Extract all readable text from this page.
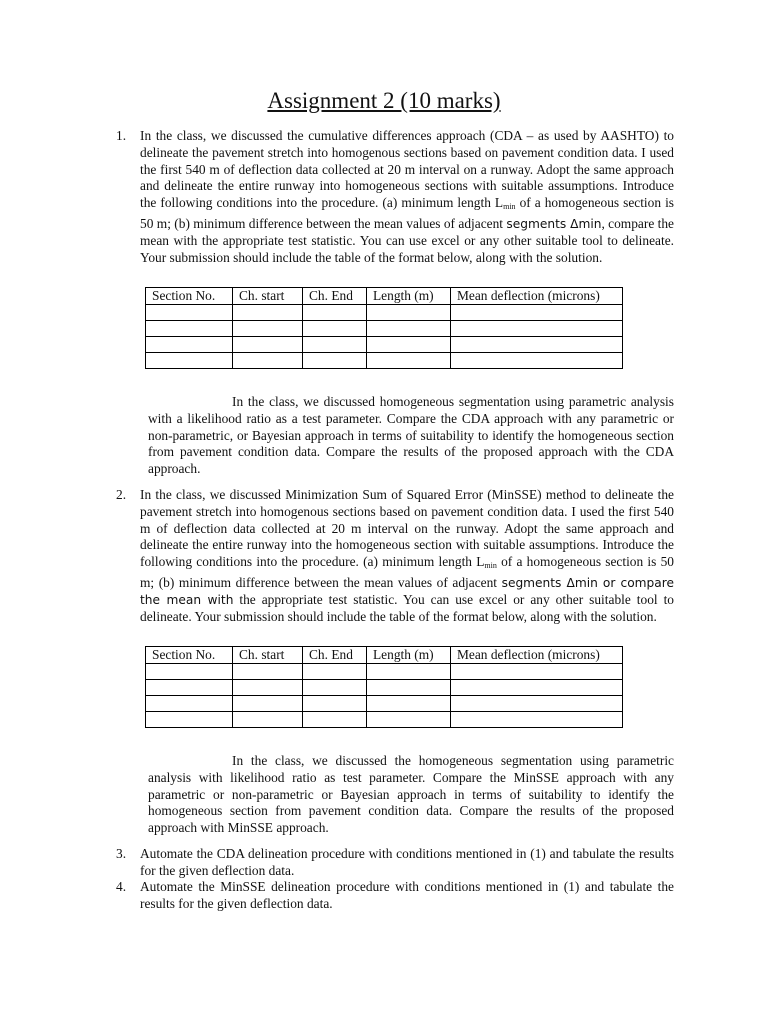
Assignment 2 (10 marks)
1.	In the class, we discussed the cumulative differences approach (CDA – as used by AASHTO) to delineate the pavement stretch into homogenous sections based on pavement condition data. I used the first 540 m of deflection data collected at 20 m interval on a runway. Adopt the same approach and delineate the entire runway into homogeneous sections with suitable assumptions. Introduce the following conditions into the procedure. (a) minimum length $L_{min}$ of a homogeneous section is 50 m; (b) minimum difference between the mean values of adjacent segments Δmin, compare the mean with the appropriate test statistic. You can use excel or any other suitable tool to delineate. Your submission should include the table of the format below, along with the solution.
Section No.	Ch. start	Ch. End	Length (m)	Mean deflection (microns)

In the class, we discussed homogeneous segmentation using parametric analysis with a likelihood ratio as a test parameter. Compare the CDA approach with any parametric or non-parametric, or Bayesian approach in terms of suitability to identify the homogeneous section from pavement condition data. Compare the results of the proposed approach with the CDA approach.
2.	In the class, we discussed Minimization Sum of Squared Error (MinSSE) method to delineate the pavement stretch into homogenous sections based on pavement condition data. I used the first 540 m of deflection data collected at 20 m interval on the runway. Adopt the same approach and delineate the entire runway into the homogeneous section with suitable assumptions. Introduce the following conditions into the procedure. (a) minimum length $L_{min}$ of a homogeneous section is 50 m; (b) minimum difference between the mean values of adjacent segments Δmin or compare the mean with the appropriate test statistic. You can use excel or any other suitable tool to delineate. Your submission should include the table of the format below, along with the solution.
Section No.	Ch. start	Ch. End	Length (m)	Mean deflection (microns)

In the class, we discussed the homogeneous segmentation using parametric analysis with likelihood ratio as test parameter. Compare the MinSSE approach with any parametric or non-parametric or Bayesian approach in terms of suitability to identify the homogeneous section from pavement condition data. Compare the results of the proposed approach with MinSSE approach.
3.	Automate the CDA delineation procedure with conditions mentioned in (1) and tabulate the results for the given deflection data.
4.	Automate the MinSSE delineation procedure with conditions mentioned in (1) and tabulate the results for the given deflection data.
